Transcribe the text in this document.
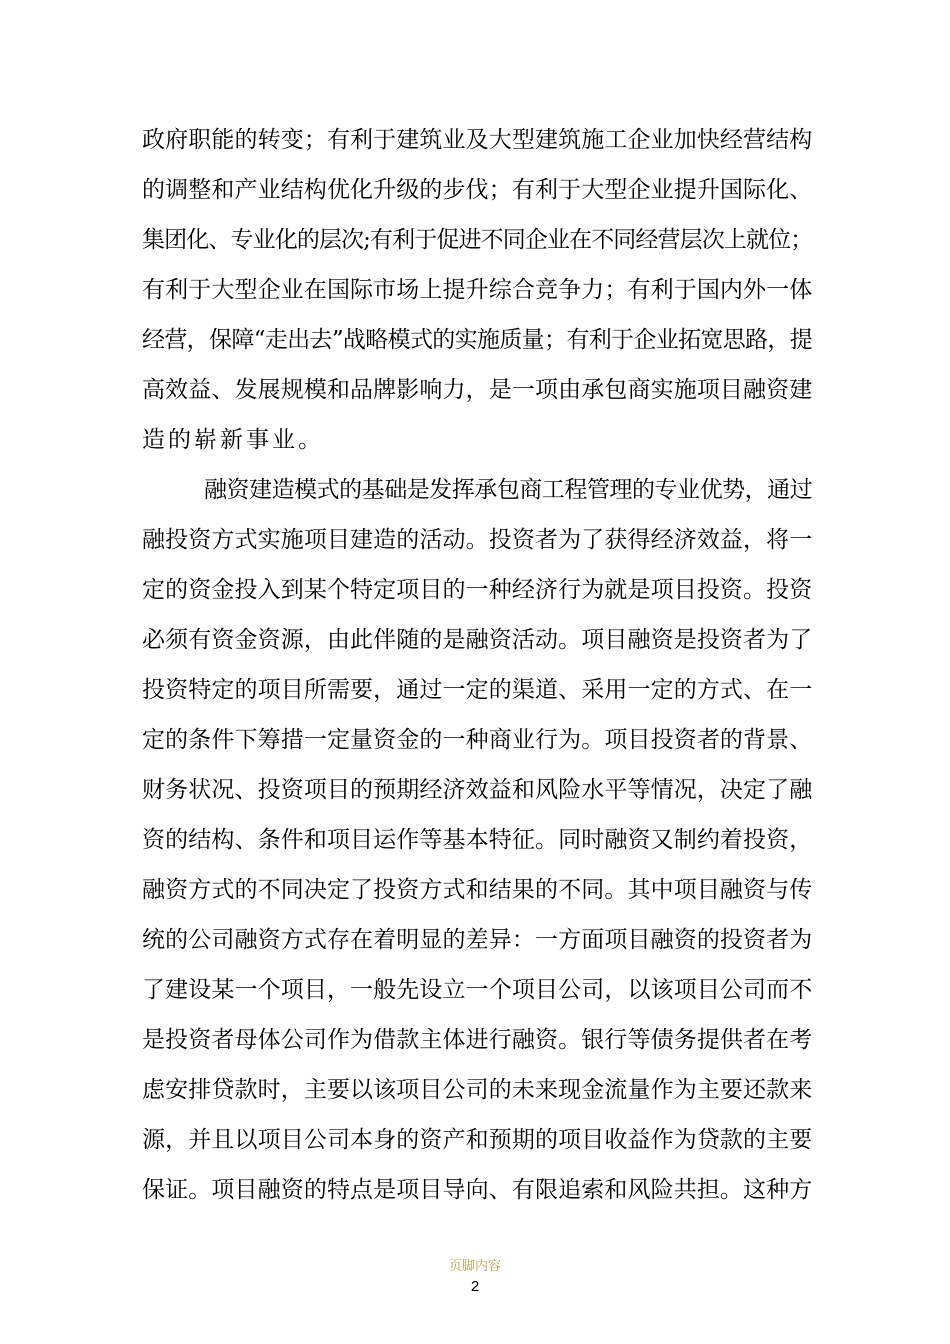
政府职能的转变；有利于建筑业及大型建筑施工企业加快经营结构
的调整和产业结构优化升级的步伐；有利于大型企业提升国际化、
集团化、专业化的层次;有利于促进不同企业在不同经营层次上就位；
有利于大型企业在国际市场上提升综合竞争力；有利于国内外一体
经营，保障“走出去”战略模式的实施质量；有利于企业拓宽思路，提
高效益、发展规模和品牌影响力，是一项由承包商实施项目融资建
造的崭新事业。
融资建造模式的基础是发挥承包商工程管理的专业优势，通过
融投资方式实施项目建造的活动。投资者为了获得经济效益，将一
定的资金投入到某个特定项目的一种经济行为就是项目投资。投资
必须有资金资源，由此伴随的是融资活动。项目融资是投资者为了
投资特定的项目所需要，通过一定的渠道、采用一定的方式、在一
定的条件下筹措一定量资金的一种商业行为。项目投资者的背景、
财务状况、投资项目的预期经济效益和风险水平等情况，决定了融
资的结构、条件和项目运作等基本特征。同时融资又制约着投资，
融资方式的不同决定了投资方式和结果的不同。其中项目融资与传
统的公司融资方式存在着明显的差异：一方面项目融资的投资者为
了建设某一个项目，一般先设立一个项目公司，以该项目公司而不
是投资者母体公司作为借款主体进行融资。银行等债务提供者在考
虑安排贷款时，主要以该项目公司的未来现金流量作为主要还款来
源，并且以项目公司本身的资产和预期的项目收益作为贷款的主要
保证。项目融资的特点是项目导向、有限追索和风险共担。这种方
页脚内容
2
